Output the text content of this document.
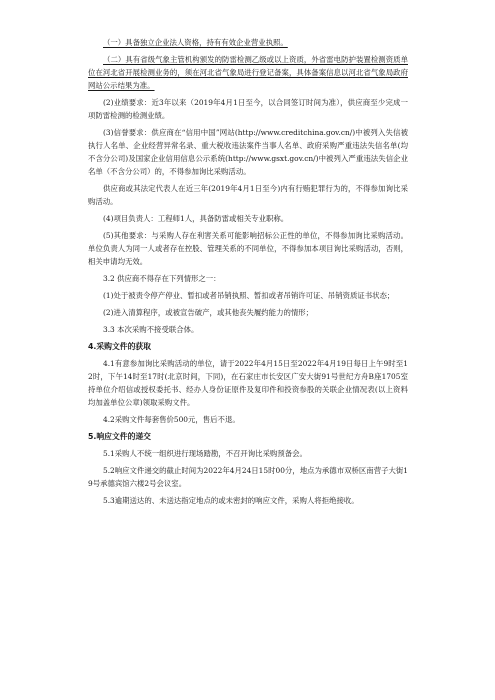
（一）具备独立企业法人资格，持有有效企业营业执照。

（二）具有省级气象主管机构颁发的防雷检测乙级或以上资质，外省雷电防护装置检测资质单位在河北省开展检测业务的，须在河北省气象局进行登记备案，具体备案信息以河北省气象局政府网站公示结果为准。

(2)业绩要求：近3年以来（2019年4月1日至今，以合同签订时间为准），供应商至少完成一项防雷检测的检测业绩。

(3)信誉要求：供应商在“信用中国”网站(http://www.creditchina.gov.cn/)中被列入失信被执行人名单、企业经营异常名录、重大税收违法案件当事人名单、政府采购严重违法失信名单(均不含分公司)及国家企业信用信息公示系统(http://www.gsxt.gov.cn/)中被列入严重违法失信企业名单（不含分公司）的，不得参加询比采购活动。

供应商或其法定代表人在近三年(2019年4月1日至今)内有行贿犯罪行为的，不得参加询比采购活动。

(4)项目负责人：工程师1人，具备防雷或相关专业职称。

(5)其他要求：与采购人存在利害关系可能影响招标公正性的单位，不得参加询比采购活动。单位负责人为同一人或者存在控股、管理关系的不同单位，不得参加本项目询比采购活动，否则，相关申请均无效。

3.2 供应商不得存在下列情形之一：

(1)处于被责令停产停业、暂扣或者吊销执照、暂扣或者吊销许可证、吊销资质证书状态；

(2)进入清算程序，或被宣告破产，或其他丧失履约能力的情形；

3.3 本次采购不接受联合体。

4.采购文件的获取

4.1有意参加询比采购活动的单位，请于2022年4月15日至2022年4月19日每日上午9时至12时，下午14时至17时(北京时间，下同)，在石家庄市长安区广安大街91号世纪方舟B座1705室持单位介绍信或授权委托书、经办人身份证原件及复印件和投资参股的关联企业情况表(以上资料均加盖单位公章)领取采购文件。

4.2采购文件每套售价500元，售后不退。

5.响应文件的递交

5.1采购人不统一组织进行现场踏勘，不召开询比采购预备会。

5.2响应文件递交的截止时间为2022年4月24日15时00分，地点为承德市双桥区南营子大街19号承德宾馆六楼2号会议室。

5.3逾期送达的、未送达指定地点的或未密封的响应文件，采购人将拒绝接收。
